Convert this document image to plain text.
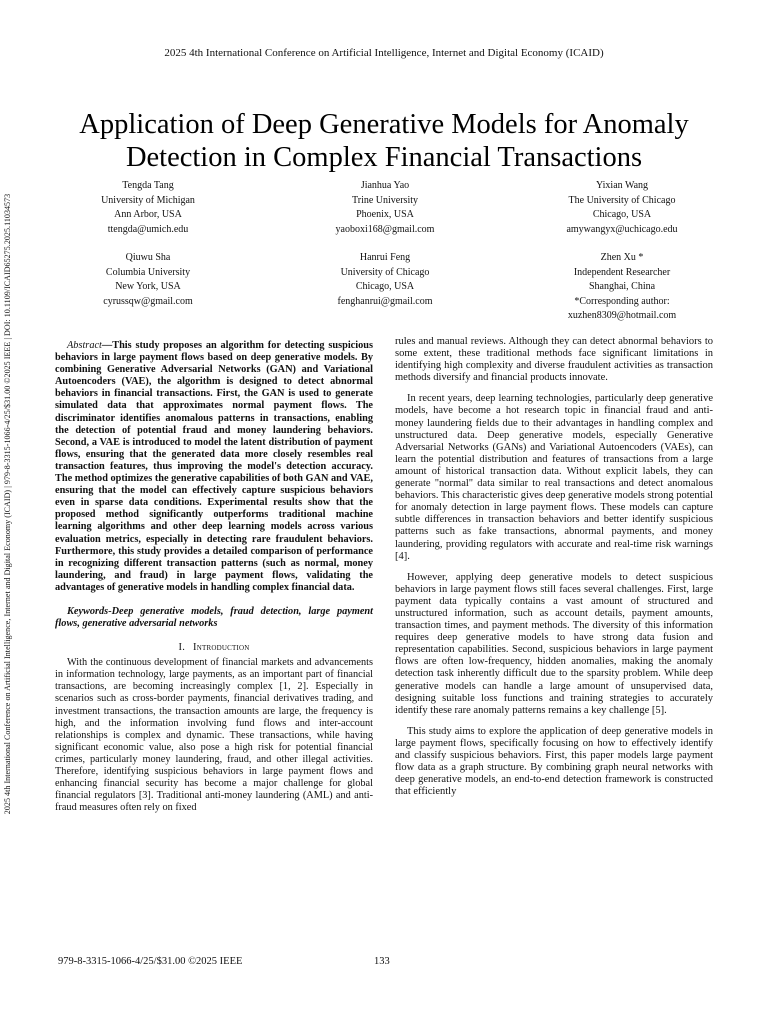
2025 4th International Conference on Artificial Intelligence, Internet and Digital Economy (ICAID)
2025 4th International Conference on Artificial Intelligence, Internet and Digital Economy (ICAID) | 979-8-3315-1066-4/25/$31.00 ©2025 IEEE | DOI: 10.1109/ICAID65275.2025.11034573
Application of Deep Generative Models for Anomaly Detection in Complex Financial Transactions
Tengda Tang
University of Michigan
Ann Arbor, USA
ttengda@umich.edu
Jianhua Yao
Trine University
Phoenix, USA
yaoboxi168@gmail.com
Yixian Wang
The University of Chicago
Chicago, USA
amywangyx@uchicago.edu
Qiuwu Sha
Columbia University
New York, USA
cyrussqw@gmail.com
Hanrui Feng
University of Chicago
Chicago, USA
fenghanrui@gmail.com
Zhen Xu *
Independent Researcher
Shanghai, China
*Corresponding author:
xuzhen8309@hotmail.com

Abstract—This study proposes an algorithm for detecting suspicious behaviors in large payment flows based on deep generative models. By combining Generative Adversarial Networks (GAN) and Variational Autoencoders (VAE), the algorithm is designed to detect abnormal behaviors in financial transactions. First, the GAN is used to generate simulated data that approximates normal payment flows. The discriminator identifies anomalous patterns in transactions, enabling the detection of potential fraud and money laundering behaviors. Second, a VAE is introduced to model the latent distribution of payment flows, ensuring that the generated data more closely resembles real transaction features, thus improving the model's detection accuracy. The method optimizes the generative capabilities of both GAN and VAE, ensuring that the model can effectively capture suspicious behaviors even in sparse data conditions. Experimental results show that the proposed method significantly outperforms traditional machine learning algorithms and other deep learning models across various evaluation metrics, especially in detecting rare fraudulent behaviors. Furthermore, this study provides a detailed comparison of performance in recognizing different transaction patterns (such as normal, money laundering, and fraud) in large payment flows, validating the advantages of generative models in handling complex financial data.

Keywords-Deep generative models, fraud detection, large payment flows, generative adversarial networks

I. Introduction

With the continuous development of financial markets and advancements in information technology, large payments, as an important part of financial transactions, are becoming increasingly complex [1, 2]. Especially in scenarios such as cross-border payments, financial derivatives trading, and investment transactions, the transaction amounts are large, the frequency is high, and the information involving fund flows and inter-account relationships is complex and dynamic. These transactions, while having significant economic value, also pose a high risk for potential financial crimes, particularly money laundering, fraud, and other illegal activities. Therefore, identifying suspicious behaviors in large payment flows and enhancing financial security has become a major challenge for global financial regulators [3]. Traditional anti-money laundering (AML) and anti-fraud measures often rely on fixed

rules and manual reviews. Although they can detect abnormal behaviors to some extent, these traditional methods face significant limitations in identifying high complexity and diverse fraudulent activities as transaction methods diversify and financial products innovate.

In recent years, deep learning technologies, particularly deep generative models, have become a hot research topic in financial fraud and anti-money laundering fields due to their advantages in handling complex and unstructured data. Deep generative models, especially Generative Adversarial Networks (GANs) and Variational Autoencoders (VAEs), can learn the potential distribution and features of transactions from a large amount of historical transaction data. Without explicit labels, they can generate "normal" data similar to real transactions and detect anomalous behaviors. This characteristic gives deep generative models strong potential for anomaly detection in large payment flows. These models can capture subtle differences in transaction behaviors and better identify suspicious patterns such as fake transactions, abnormal payments, and money laundering, providing regulators with accurate and real-time risk warnings [4].

However, applying deep generative models to detect suspicious behaviors in large payment flows still faces several challenges. First, large payment data typically contains a vast amount of structured and unstructured information, such as account details, payment amounts, transaction times, and payment methods. The diversity of this information requires deep generative models to have strong data fusion and representation capabilities. Second, suspicious behaviors in large payment flows are often low-frequency, hidden anomalies, making the anomaly detection task inherently difficult due to the sparsity problem. While deep generative models can handle a large amount of unsupervised data, designing suitable loss functions and training strategies to accurately identify these rare anomaly patterns remains a key challenge [5].

This study aims to explore the application of deep generative models in large payment flows, specifically focusing on how to effectively identify and classify suspicious behaviors. First, this paper models large payment flow data as a graph structure. By combining graph neural networks with deep generative models, an end-to-end detection framework is constructed that efficiently

979-8-3315-1066-4/25/$31.00 ©2025 IEEE	133
